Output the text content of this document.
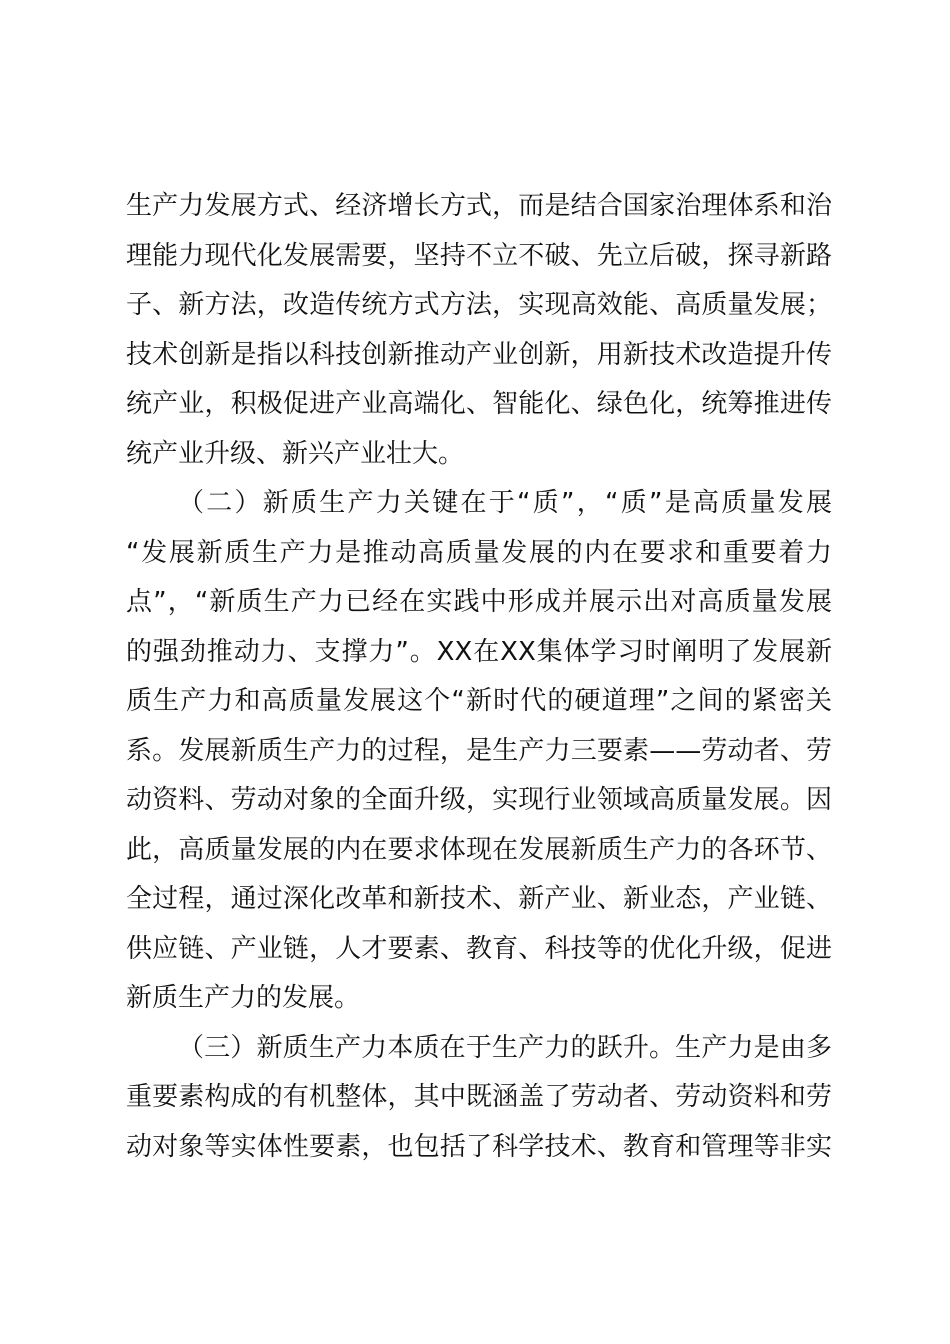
生产力发展方式、经济增长方式，而是结合国家治理体系和治
理能力现代化发展需要，坚持不立不破、先立后破，探寻新路
子、新方法，改造传统方式方法，实现高效能、高质量发展；
技术创新是指以科技创新推动产业创新，用新技术改造提升传
统产业，积极促进产业高端化、智能化、绿色化，统筹推进传
统产业升级、新兴产业壮大。
（二）新质生产力关键在于“质”，“质”是高质量发展
“发展新质生产力是推动高质量发展的内在要求和重要着力
点”，“新质生产力已经在实践中形成并展示出对高质量发展
的强劲推动力、支撑力”。XX在XX集体学习时阐明了发展新
质生产力和高质量发展这个“新时代的硬道理”之间的紧密关
系。发展新质生产力的过程，是生产力三要素——劳动者、劳
动资料、劳动对象的全面升级，实现行业领域高质量发展。因
此，高质量发展的内在要求体现在发展新质生产力的各环节、
全过程，通过深化改革和新技术、新产业、新业态，产业链、
供应链、产业链，人才要素、教育、科技等的优化升级，促进
新质生产力的发展。
（三）新质生产力本质在于生产力的跃升。生产力是由多
重要素构成的有机整体，其中既涵盖了劳动者、劳动资料和劳
动对象等实体性要素，也包括了科学技术、教育和管理等非实
